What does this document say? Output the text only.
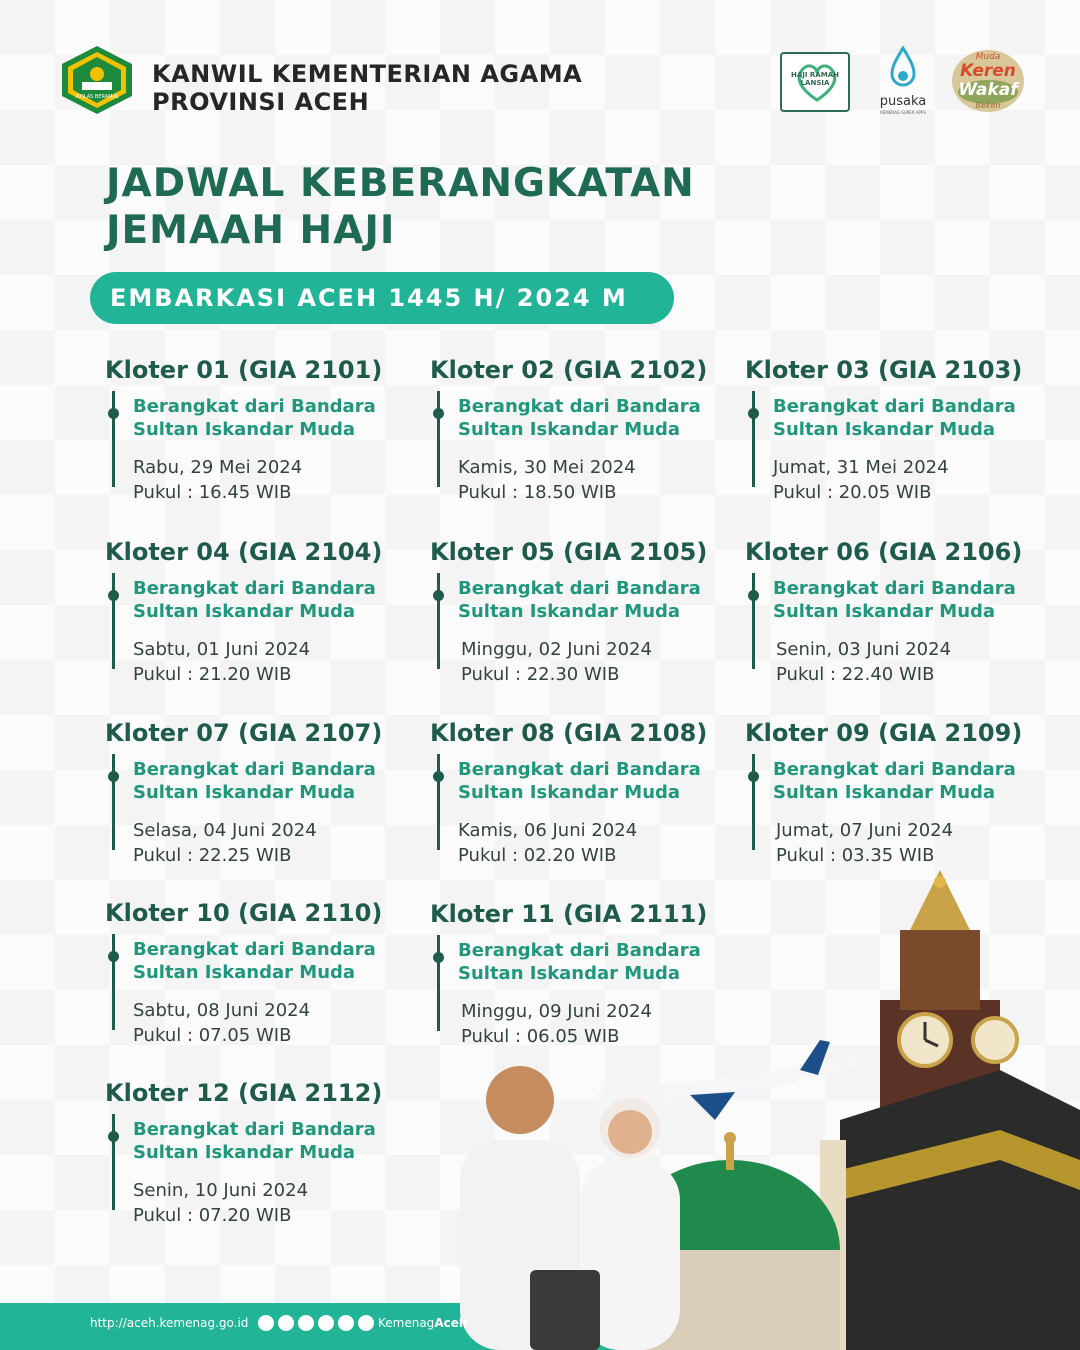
IKHLAS BERAMAL
KANWIL KEMENTERIAN AGAMA
PROVINSI ACEH
HAJI RAMAH LANSIA
pusaka
KEMENAG SUPER APPS
Muda
Keren
Wakaf
Beken
JADWAL KEBERANGKATAN
JEMAAH HAJI
EMBARKASI ACEH 1445 H/ 2024 M
Kloter 01 (GIA 2101)
Berangkat dari Bandara
Sultan Iskandar Muda
Rabu, 29 Mei 2024
Pukul : 16.45 WIB
Kloter 02 (GIA 2102)
Berangkat dari Bandara
Sultan Iskandar Muda
Kamis, 30 Mei 2024
Pukul : 18.50 WIB
Kloter 03 (GIA 2103)
Berangkat dari Bandara
Sultan Iskandar Muda
Jumat, 31 Mei 2024
Pukul : 20.05 WIB
Kloter 04 (GIA 2104)
Berangkat dari Bandara
Sultan Iskandar Muda
Sabtu, 01 Juni 2024
Pukul : 21.20 WIB
Kloter 05 (GIA 2105)
Berangkat dari Bandara
Sultan Iskandar Muda
Minggu, 02 Juni 2024
Pukul : 22.30 WIB
Kloter 06 (GIA 2106)
Berangkat dari Bandara
Sultan Iskandar Muda
Senin, 03 Juni 2024
Pukul : 22.40 WIB
Kloter 07 (GIA 2107)
Berangkat dari Bandara
Sultan Iskandar Muda
Selasa, 04 Juni 2024
Pukul : 22.25 WIB
Kloter 08 (GIA 2108)
Berangkat dari Bandara
Sultan Iskandar Muda
Kamis, 06 Juni 2024
Pukul : 02.20 WIB
Kloter 09 (GIA 2109)
Berangkat dari Bandara
Sultan Iskandar Muda
Jumat, 07 Juni 2024
Pukul : 03.35 WIB
Kloter 10 (GIA 2110)
Berangkat dari Bandara
Sultan Iskandar Muda
Sabtu, 08 Juni 2024
Pukul : 07.05 WIB
Kloter 11 (GIA 2111)
Berangkat dari Bandara
Sultan Iskandar Muda
Minggu, 09 Juni 2024
Pukul : 06.05 WIB
Kloter 12 (GIA 2112)
Berangkat dari Bandara
Sultan Iskandar Muda
Senin, 10 Juni 2024
Pukul : 07.20 WIB
http://aceh.kemenag.go.id	KemenagAceh
